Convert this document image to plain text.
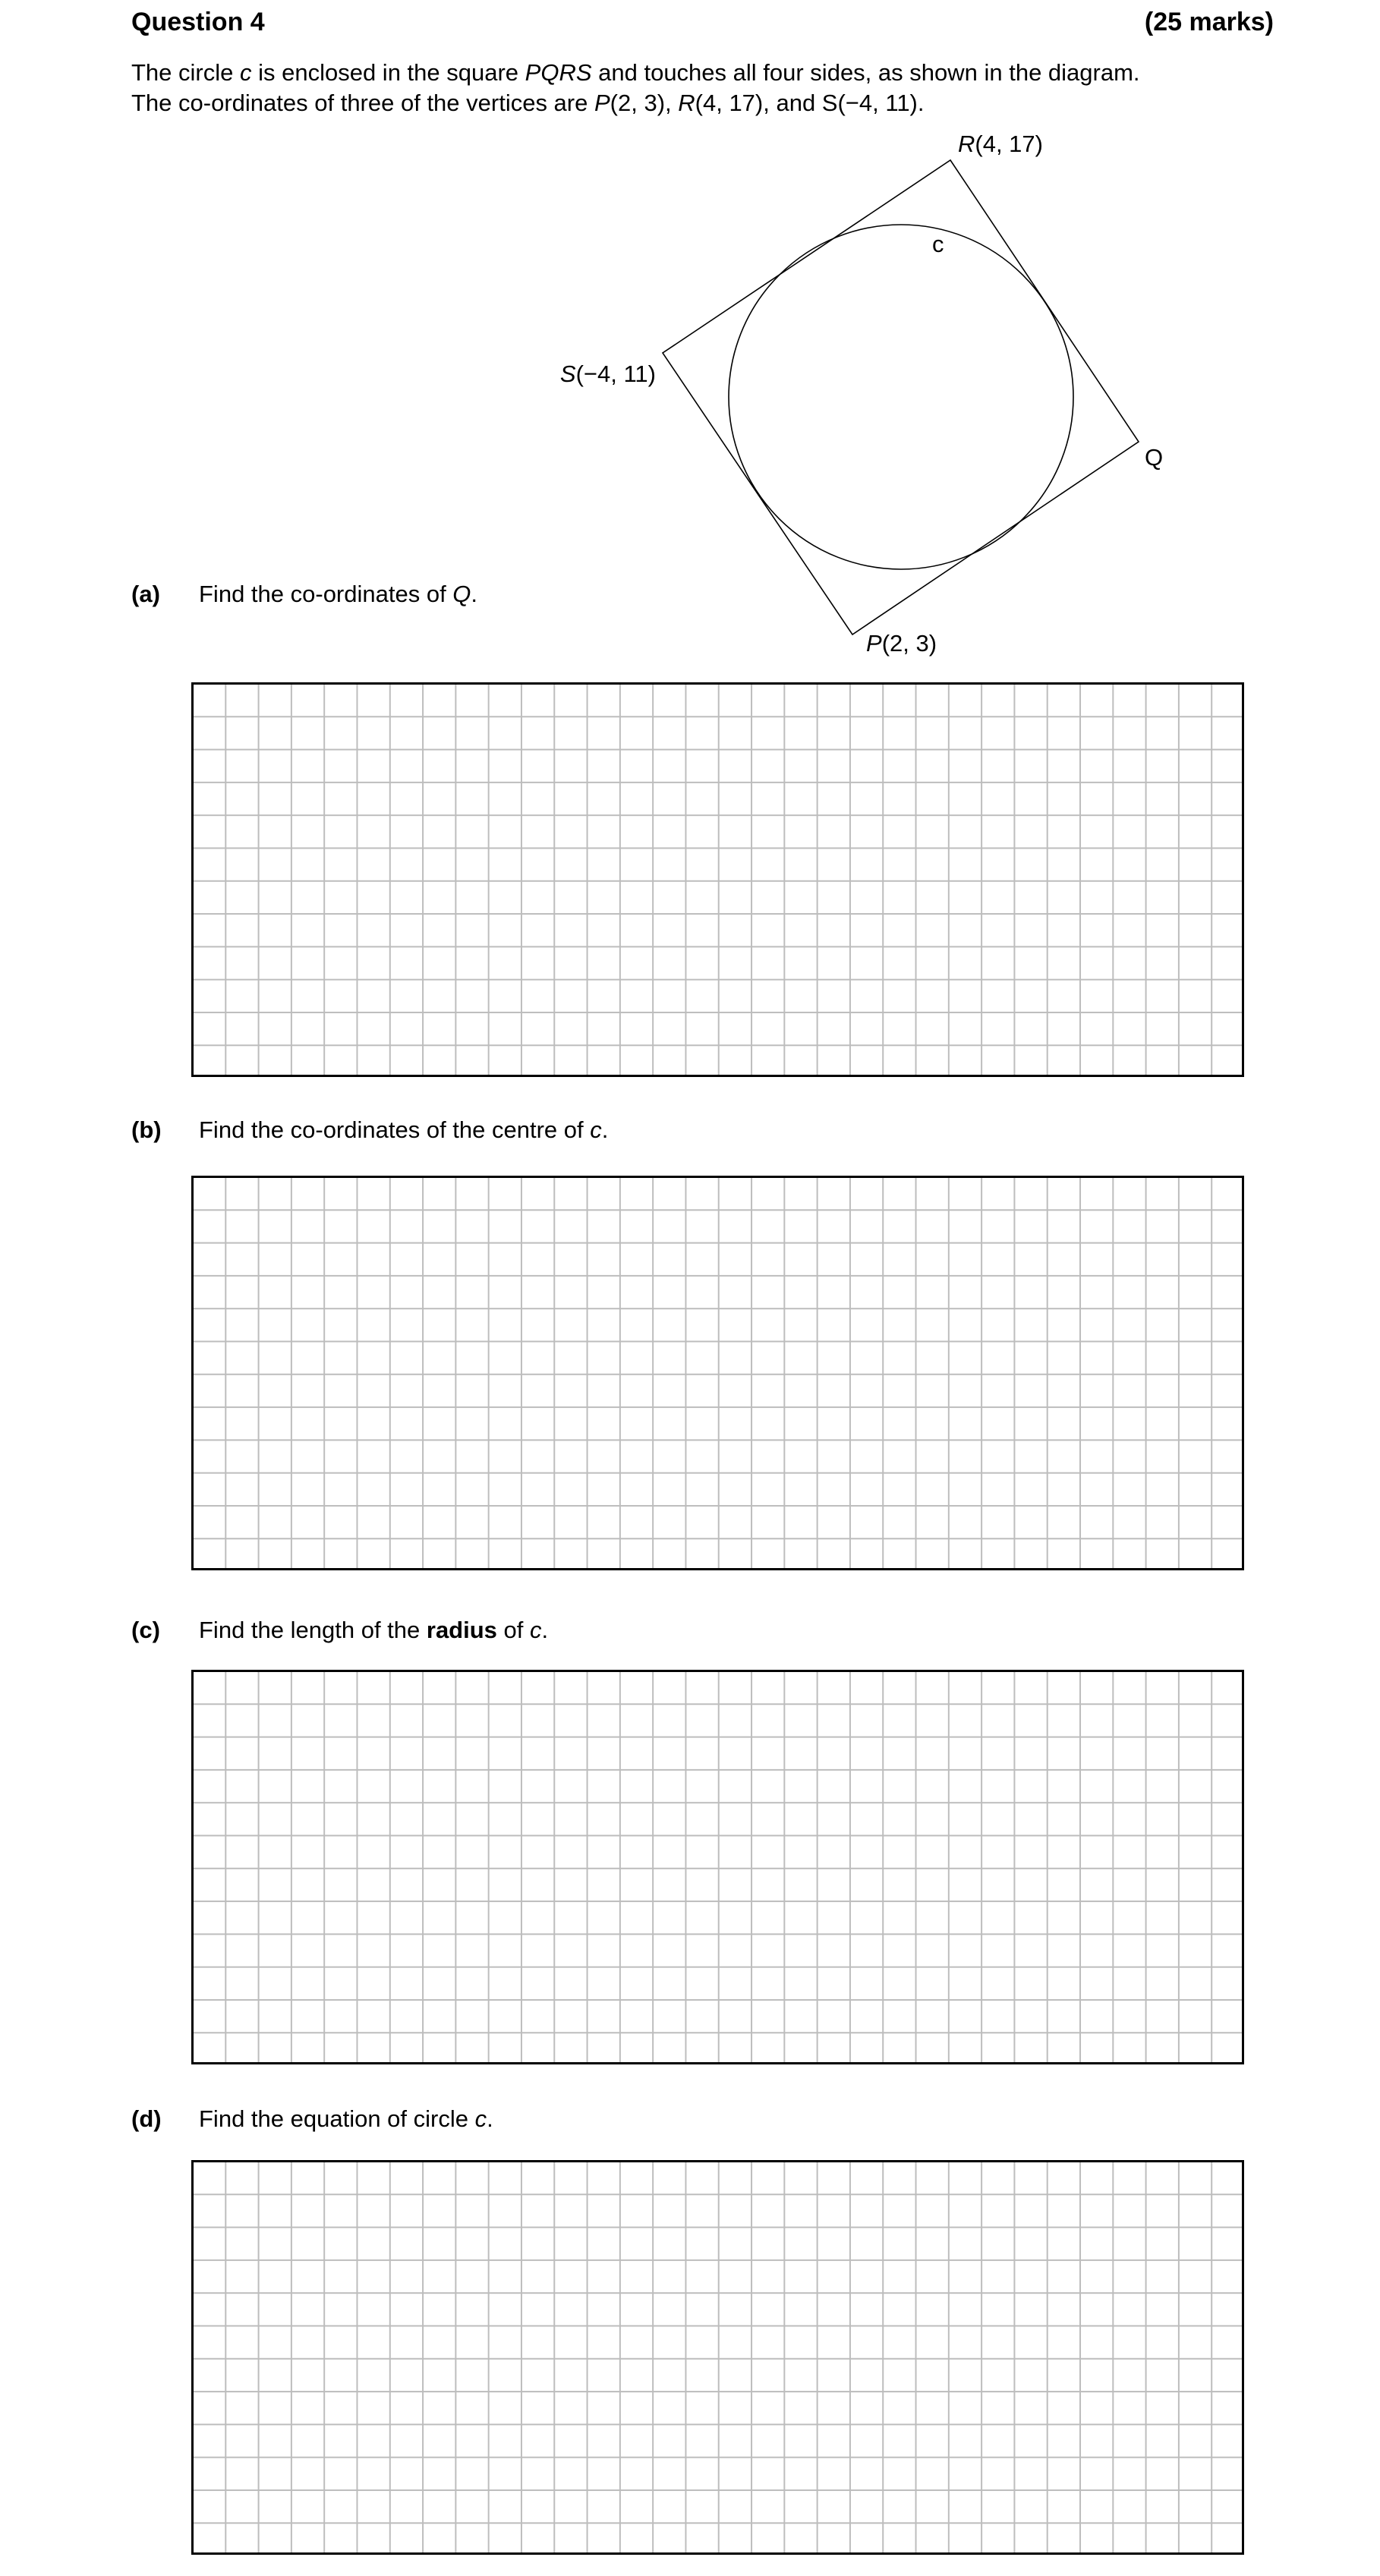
Question 4	(25 marks)
The circle c is enclosed in the square PQRS and touches all four sides, as shown in the diagram.
The co-ordinates of three of the vertices are P(2, 3), R(4, 17), and S(−4, 11).
R(4, 17)
c
S(−4, 11)
Q
P(2, 3)
(a) Find the co-ordinates of Q.
(b) Find the co-ordinates of the centre of c.
(c) Find the length of the radius of c.
(d) Find the equation of circle c.
